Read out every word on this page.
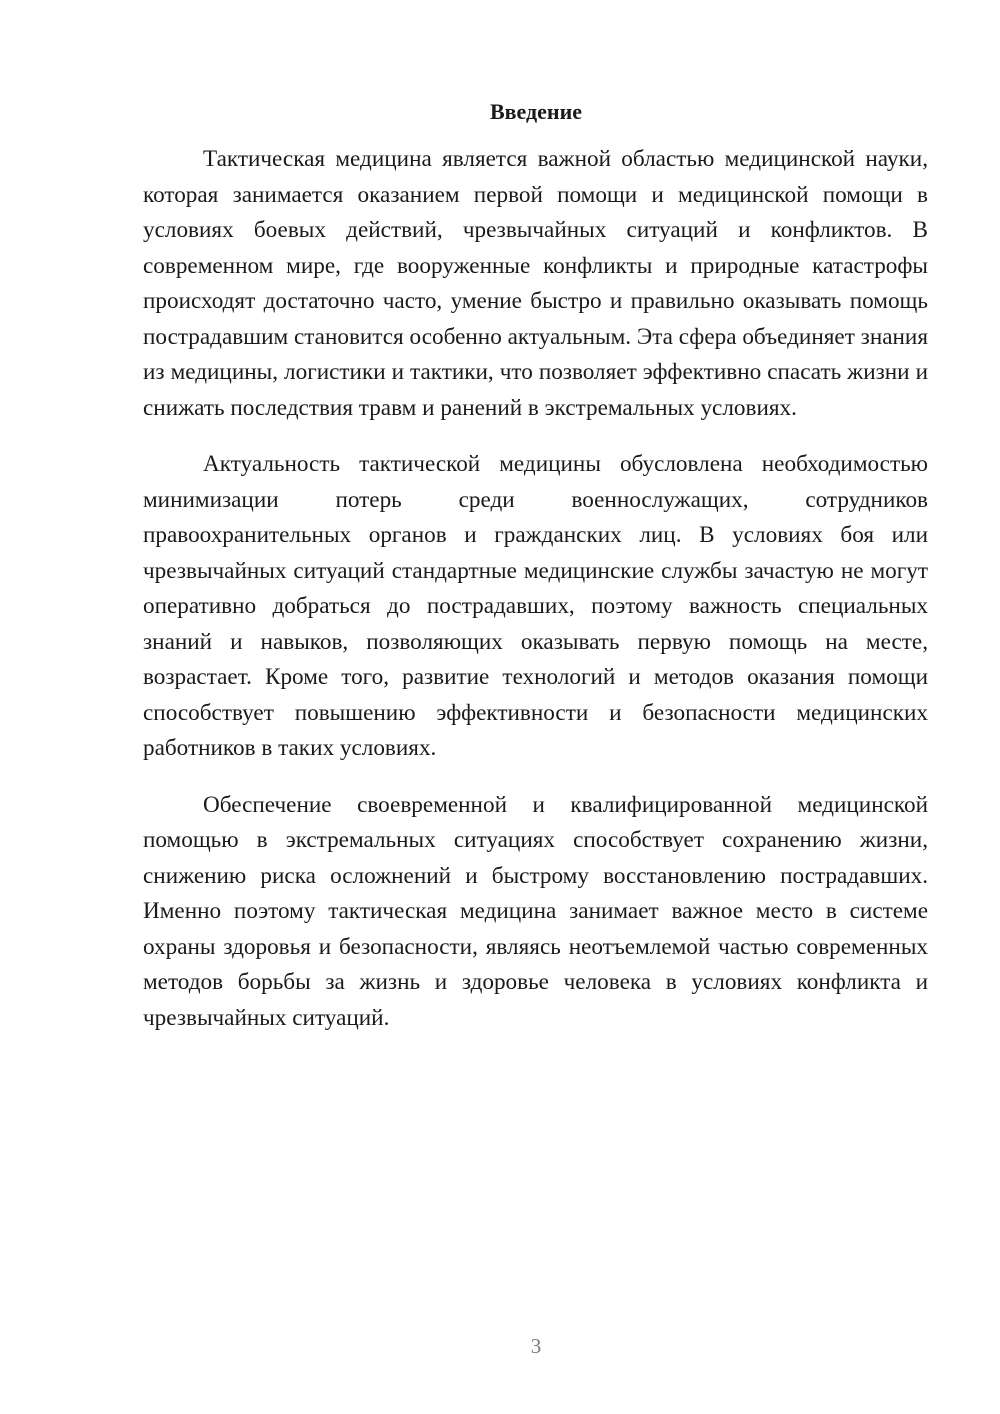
Введение

Тактическая медицина является важной областью медицинской науки, которая занимается оказанием первой помощи и медицинской помощи в условиях боевых действий, чрезвычайных ситуаций и конфликтов. В современном мире, где вооруженные конфликты и природные катастрофы происходят достаточно часто, умение быстро и правильно оказывать помощь пострадавшим становится особенно актуальным. Эта сфера объединяет знания из медицины, логистики и тактики, что позволяет эффективно спасать жизни и снижать последствия травм и ранений в экстремальных условиях.

Актуальность тактической медицины обусловлена необходимостью минимизации потерь среди военнослужащих, сотрудников правоохранительных органов и гражданских лиц. В условиях боя или чрезвычайных ситуаций стандартные медицинские службы зачастую не могут оперативно добраться до пострадавших, поэтому важность специальных знаний и навыков, позволяющих оказывать первую помощь на месте, возрастает. Кроме того, развитие технологий и методов оказания помощи способствует повышению эффективности и безопасности медицинских работников в таких условиях.

Обеспечение своевременной и квалифицированной медицинской помощью в экстремальных ситуациях способствует сохранению жизни, снижению риска осложнений и быстрому восстановлению пострадавших. Именно поэтому тактическая медицина занимает важное место в системе охраны здоровья и безопасности, являясь неотъемлемой частью современных методов борьбы за жизнь и здоровье человека в условиях конфликта и чрезвычайных ситуаций.

3
